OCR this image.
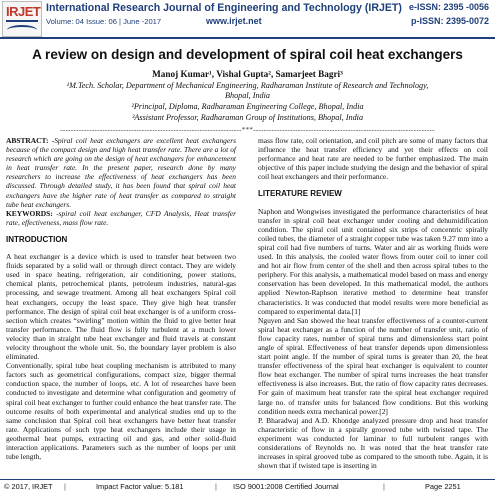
IRJET International Research Journal of Engineering and Technology (IRJET) e-ISSN: 2395 -0056
Volume: 04 Issue: 06 | June -2017	www.irjet.net	p-ISSN: 2395-0072
A review on design and development of spiral coil heat exchangers
Manoj Kumar¹, Vishal Gupta², Samarjeet Bagri³
¹M.Tech. Scholar, Department of Mechanical Engineering, Radharaman Institute of Research and Technology,
Bhopal, India
²Principal, Diploma, Radharaman Engineering College, Bhopal, India
³Assistant Professor, Radharaman Group of Institutions, Bhopal, India
---------------------------------------------------------------------***---------------------------------------------------------------------

ABSTRACT: -Spiral coil heat exchangers are excellent heat exchangers because of the compact design and high heat transfer rate. There are a lot of research which are going on the design of heat exchangers for enhancement in heat transfer rate. In the present paper, research done by many researchers to increase the effectiveness of heat exchangers has been discussed. Through detailed study, it has been found that spiral coil heat exchangers have the higher rate of heat transfer as compared to straight tube heat exchangers.

KEYWORDS: -spiral coil heat exchanger, CFD Analysis, Heat transfer rate, effectiveness, mass flow rate.

INTRODUCTION

A heat exchanger is a device which is used to transfer heat between two fluids separated by a solid wall or through direct contact. They are widely used in space heating, refrigeration, air conditioning, power stations, chemical plants, petrochemical plants, petroleum industries, natural-gas processing, and sewage treatment. Among all heat exchangers Spiral coil heat exchangers, occupy the least space. They give high heat transfer performance. The design of spiral coil heat exchanger is of a uniform cross- section which creates “swirling” motion within the fluid to give better heat transfer performance. The fluid flow is fully turbulent at a much lower velocity than in straight tube heat exchanger and fluid travels at constant velocity throughout the whole unit. So, the boundary layer problem is also eliminated.

Conventionally, spiral tube heat coupling mechanism is attributed to many factors such as geometrical configurations, compact size, bigger thermal conduction space, the number of loops, etc. A lot of researches have been conducted to investigate and determine what configuration and geometry of spiral coil heat exchanger to further could enhance the heat transfer rate. The outcome results of both experimental and analytical studies end up to the same conclusion that Spiral coil heat exchangers have better heat transfer rate. Applications of such type heat exchangers include their usage in geothermal heat pumps, extracting oil and gas, and other solid-fluid interaction applications. Parameters such as the number of loops per unit tube length,

mass flow rate, coil orientation, and coil pitch are some of many factors that influence the heat transfer efficiency and yet their effects on coil performance and heat rate are needed to be further emphasized. The main objective of this paper include studying the design and the behavior of spiral coil heat exchangers and their performance.

LITERATURE REVIEW

Naphon and Wongwises investigated the performance characteristics of heat transfer in spiral coil heat exchanger under cooling and dehumidification condition. The spiral coil unit contained six strips of concentric spirally coiled tubes, the diameter of a straight copper tube was taken 9.27 mm into a spiral coil had five numbers of turns. Water and air as working fluids were used. In this analysis, the cooled water flows from outer coil to inner coil and hot air flow from center of the shell and then across spiral tubes to the periphery. For this analysis, a mathematical model based on mass and energy conservation has been developed. In this mathematical model, the authors applied Newton-Raphson iterative method to determine heat transfer characteristics. It was conducted that model results were more beneficial as compared to experimental data.[1]

Nguyen and San showed the heat transfer effectiveness of a counter-current spiral heat exchanger as a function of the number of transfer unit, ratio of flow capacity rates, number of spiral turns and dimensionless start point angle of spiral. Effectiveness of heat transfer depends upon dimensionless start point angle. If the number of spiral turns is greater than 20, the heat transfer effectiveness of the spiral heat exchanger is equivalent to counter flow heat exchanger. The number of spiral turns increases the heat transfer effectiveness is also increases. But, the ratio of flow capacity rates decreases. For gain of maximum heat transfer rate the spiral heat exchanger required large no. of transfer units for balanced flow conditions. But this working condition needs extra mechanical power.[2]

P. Bharadwaj and A.D. Khondge analyzed pressure drop and heat transfer characteristic of flow in a spirally grooved tube with twisted tape. The experiment was conducted for laminar to full turbulent ranges with considerations of Reynolds no. It was noted that the heat transfer rate increases in spiral grooved tube as compared to the smooth tube. Again, it is shown that if twisted tape is inserting in

© 2017, IRJET |	Impact Factor value: 5.181	| ISO 9001:2008 Certified Journal	|	Page 2251
